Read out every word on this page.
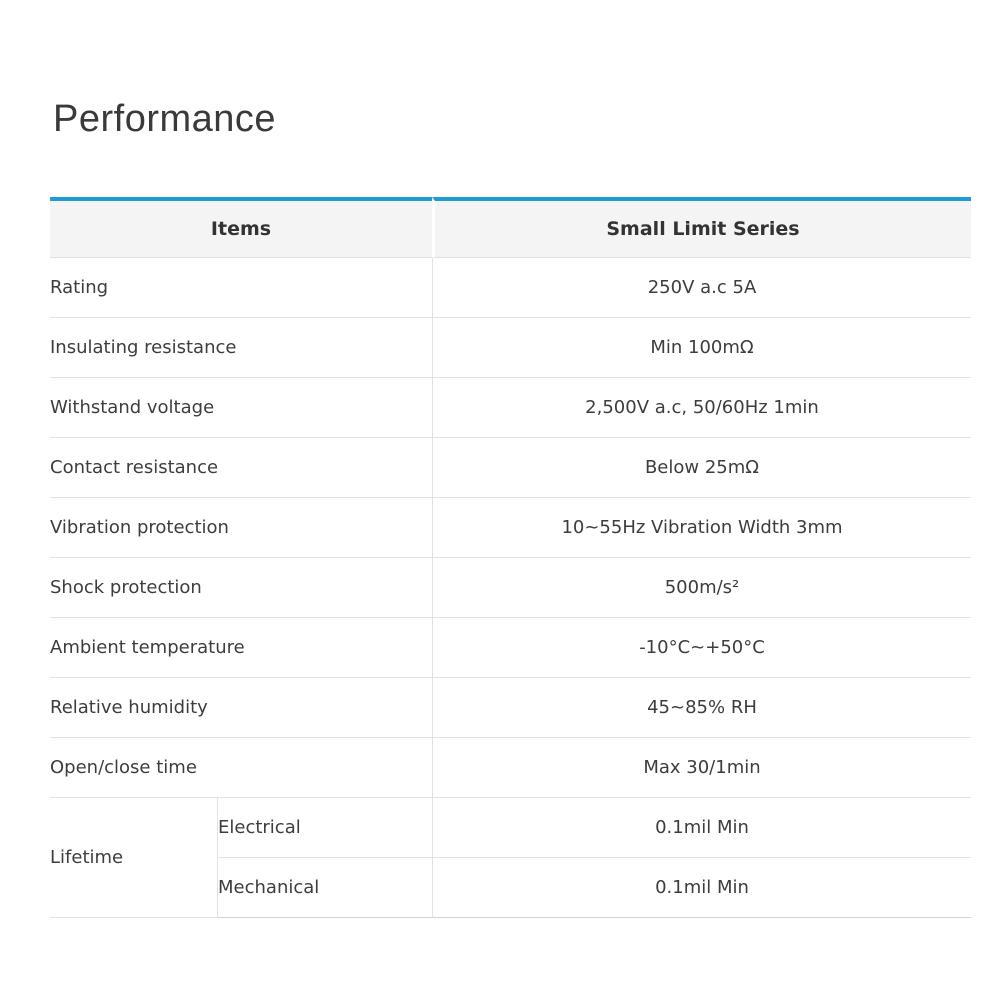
Performance
Items		Small Limit Series
Rating		250V a.c 5A
Insulating resistance		Min 100mΩ
Withstand voltage		2,500V a.c, 50/60Hz 1min
Contact resistance		Below 25mΩ
Vibration protection		10~55Hz Vibration Width 3mm
Shock protection		500m/s²
Ambient temperature		-10°C~+50°C
Relative humidity		45~85% RH
Open/close time		Max 30/1min
Lifetime	Electrical	0.1mil Min
	Mechanical	0.1mil Min
